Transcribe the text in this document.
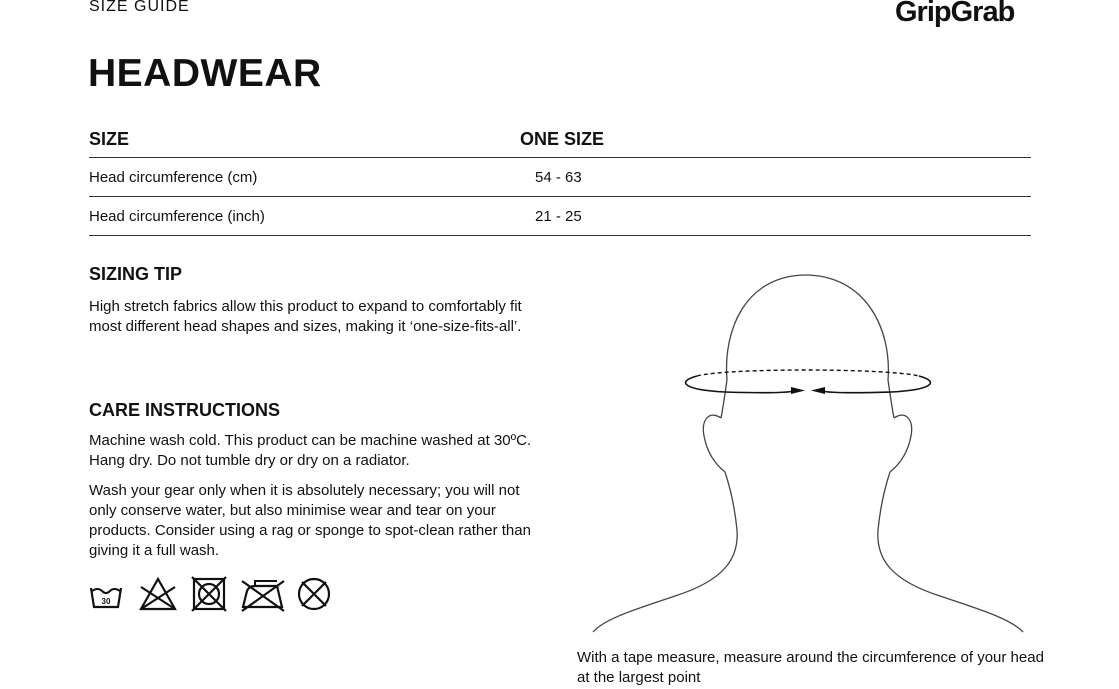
SIZE GUIDE	GripGrab
HEADWEAR
SIZE	ONE SIZE
Head circumference (cm)	54 - 63
Head circumference (inch)	21 - 25
SIZING TIP

High stretch fabrics allow this product to expand to comfortably fit most different head shapes and sizes, making it ‘one-size-fits-all’.

CARE INSTRUCTIONS

Machine wash cold. This product can be machine washed at 30ºC. Hang dry. Do not tumble dry or dry on a radiator.

Wash your gear only when it is absolutely necessary; you will not only conserve water, but also minimise wear and tear on your products. Consider using a rag or sponge to spot-clean rather than giving it a full wash.

30

With a tape measure, measure around the circumference of your head at the largest point
